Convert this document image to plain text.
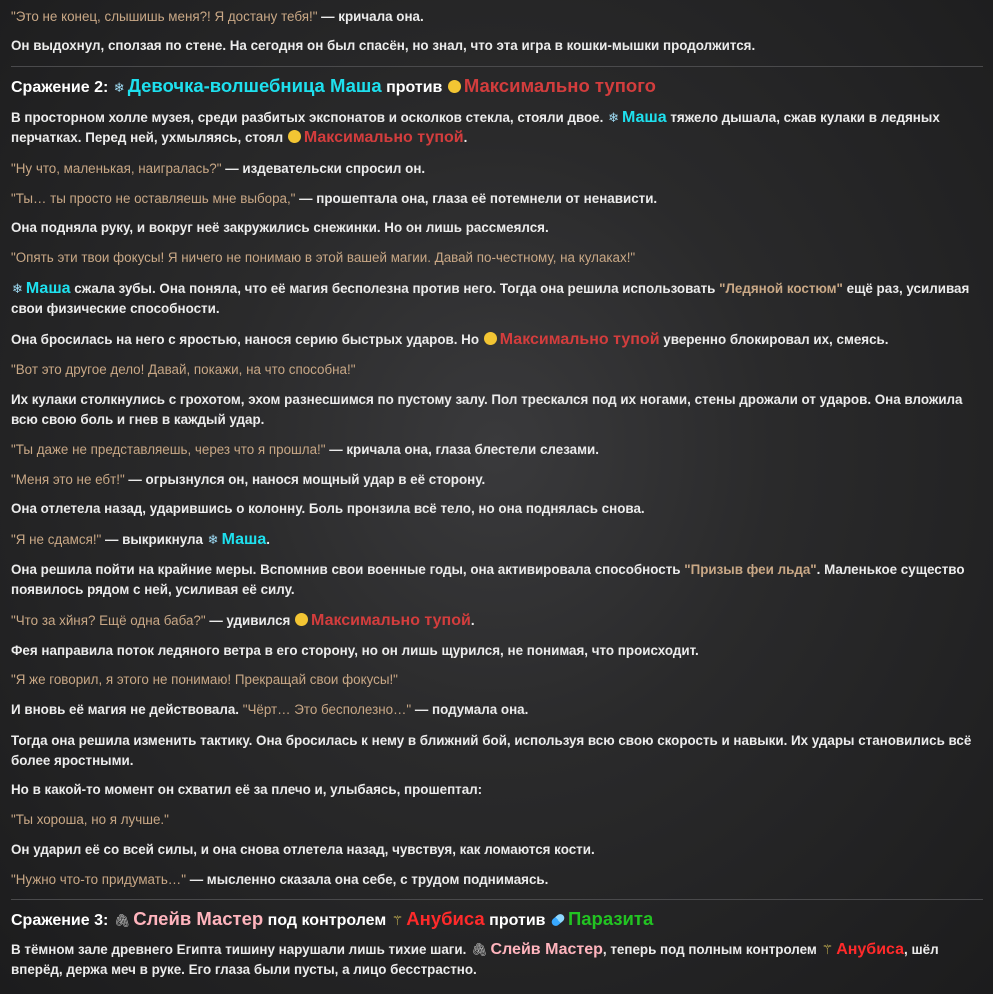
"Это не конец, слышишь меня?! Я достану тебя!" — кричала она.

Он выдохнул, сползая по стене. На сегодня он был спасён, но знал, что эта игра в кошки-мышки продолжится.

Сражение 2: ❄ Девочка-волшебница Маша против Максимально тупого

В просторном холле музея, среди разбитых экспонатов и осколков стекла, стояли двое. ❄ Маша тяжело дышала, сжав кулаки в ледяных перчатках. Перед ней, ухмыляясь, стоял Максимально тупой.

"Ну что, маленькая, наигралась?" — издевательски спросил он.

"Ты… ты просто не оставляешь мне выбора," — прошептала она, глаза её потемнели от ненависти.

Она подняла руку, и вокруг неё закружились снежинки. Но он лишь рассмеялся.

"Опять эти твои фокусы! Я ничего не понимаю в этой вашей магии. Давай по-честному, на кулаках!"

❄ Маша сжала зубы. Она поняла, что её магия бесполезна против него. Тогда она решила использовать "Ледяной костюм" ещё раз, усиливая свои физические способности.

Она бросилась на него с яростью, нанося серию быстрых ударов. Но Максимально тупой уверенно блокировал их, смеясь.

"Вот это другое дело! Давай, покажи, на что способна!"

Их кулаки столкнулись с грохотом, эхом разнесшимся по пустому залу. Пол трескался под их ногами, стены дрожали от ударов. Она вложила всю свою боль и гнев в каждый удар.

"Ты даже не представляешь, через что я прошла!" — кричала она, глаза блестели слезами.

"Меня это не ебт!" — огрызнулся он, нанося мощный удар в её сторону.

Она отлетела назад, ударившись о колонну. Боль пронзила всё тело, но она поднялась снова.

"Я не сдамся!" — выкрикнула ❄ Маша.

Она решила пойти на крайние меры. Вспомнив свои военные годы, она активировала способность "Призыв феи льда". Маленькое существо появилось рядом с ней, усиливая её силу.

"Что за хйня? Ещё одна баба?" — удивился Максимально тупой.

Фея направила поток ледяного ветра в его сторону, но он лишь щурился, не понимая, что происходит.

"Я же говорил, я этого не понимаю! Прекращай свои фокусы!"

И вновь её магия не действовала. "Чёрт… Это бесполезно…" — подумала она.

Тогда она решила изменить тактику. Она бросилась к нему в ближний бой, используя всю свою скорость и навыки. Их удары становились всё более яростными.

Но в какой-то момент он схватил её за плечо и, улыбаясь, прошептал:

"Ты хороша, но я лучше."

Он ударил её со всей силы, и она снова отлетела назад, чувствуя, как ломаются кости.

"Нужно что-то придумать…" — мысленно сказала она себе, с трудом поднимаясь.

Сражение 3: 🖇 Слейв Мастер под контролем ⚚ Анубиса против Паразита

В тёмном зале древнего Египта тишину нарушали лишь тихие шаги. 🖇 Слейв Мастер, теперь под полным контролем ⚚ Анубиса, шёл вперёд, держа меч в руке. Его глаза были пусты, а лицо бесстрастно.
